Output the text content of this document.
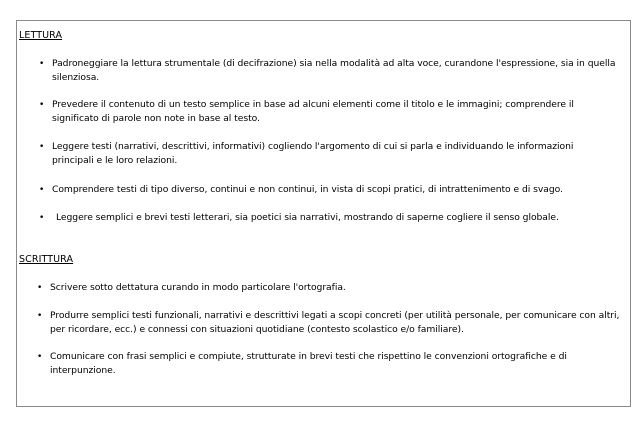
LETTURA
• Padroneggiare la lettura strumentale (di decifrazione) sia nella modalità ad alta voce, curandone l'espressione, sia in quella silenziosa.
• Prevedere il contenuto di un testo semplice in base ad alcuni elementi come il titolo e le immagini; comprendere il significato di parole non note in base al testo.
• Leggere testi (narrativi, descrittivi, informativi) cogliendo l'argomento di cui si parla e individuando le informazioni principali e le loro relazioni.
• Comprendere testi di tipo diverso, continui e non continui, in vista di scopi pratici, di intrattenimento e di svago.
• Leggere semplici e brevi testi letterari, sia poetici sia narrativi, mostrando di saperne cogliere il senso globale.
SCRITTURA
• Scrivere sotto dettatura curando in modo particolare l'ortografia.
• Produrre semplici testi funzionali, narrativi e descrittivi legati a scopi concreti (per utilità personale, per comunicare con altri, per ricordare, ecc.) e connessi con situazioni quotidiane (contesto scolastico e/o familiare).
• Comunicare con frasi semplici e compiute, strutturate in brevi testi che rispettino le convenzioni ortografiche e di interpunzione.
